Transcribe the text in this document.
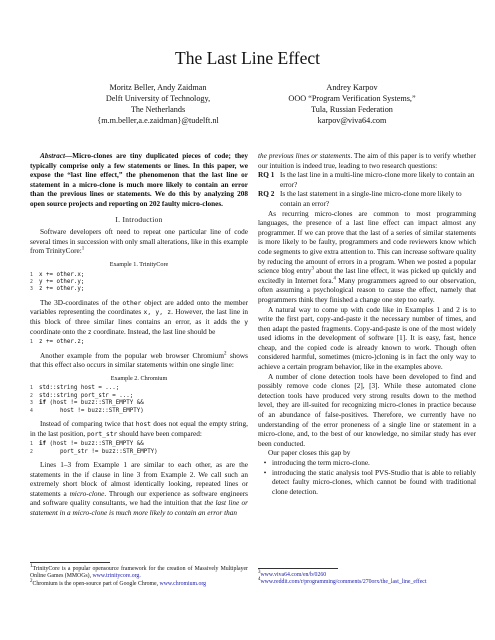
The Last Line Effect
Moritz Beller, Andy Zaidman
Delft University of Technology,
The Netherlands
{m.m.beller,a.e.zaidman}@tudelft.nl
Andrey Karpov
OOO “Program Verification Systems,”
Tula, Russian Federation
karpov@viva64.com

Abstract—Micro-clones are tiny duplicated pieces of code; they typically comprise only a few statements or lines. In this paper, we expose the “last line effect,” the phenomenon that the last line or statement in a micro-clone is much more likely to contain an error than the previous lines or statements. We do this by analyzing 208 open source projects and reporting on 202 faulty micro-clones.

I. Introduction

Software developers oft need to repeat one particular line of code several times in succession with only small alterations, like in this example from TrinityCore:$^1$

Example 1. TrinityCore
1 x += other.x;
2 y += other.y;
3 z += other.y;

The 3D-coordinates of the other object are added onto the member variables representing the coordinates x, y, z. However, the last line in this block of three similar lines contains an error, as it adds the y coordinate onto the z coordinate. Instead, the last line should be

1 z += other.z;

Another example from the popular web browser Chromium$^2$ shows that this effect also occurs in similar statements within one single line:

Example 2. Chromium
1 std::string host = ...;
2 std::string port_str = ...;
3 if (host != buzz::STR_EMPTY &&
4      host != buzz::STR_EMPTY)

Instead of comparing twice that host does not equal the empty string, in the last position, port_str should have been compared:

1 if (host != buzz::STR_EMPTY &&
2      port_str != buzz::STR_EMPTY)

Lines 1–3 from Example 1 are similar to each other, as are the statements in the if clause in line 3 from Example 2. We call such an extremely short block of almost identically looking, repeated lines or statements a micro-clone. Through our experience as software engineers and software quality consultants, we had the intuition that the last line or statement in a micro-clone is much more likely to contain an error than

$^1$TrinityCore is a popular opensource framework for the creation of Massively Multiplayer Online Games (MMOGs), www.trinitycore.org.

$^2$Chromium is the open-source part of Google Chrome, www.chromium.org

the previous lines or statements. The aim of this paper is to verify whether our intuition is indeed true, leading to two research questions:

RQ 1 Is the last line in a multi-line micro-clone more likely to contain an error?
RQ 2 Is the last statement in a single-line micro-clone more likely to contain an error?

As recurring micro-clones are common to most programming languages, the presence of a last line effect can impact almost any programmer. If we can prove that the last of a series of similar statements is more likely to be faulty, programmers and code reviewers know which code segments to give extra attention to. This can increase software quality by reducing the amount of errors in a program. When we posted a popular science blog entry$^3$ about the last line effect, it was picked up quickly and excitedly in Internet fora.$^4$ Many programmers agreed to our observation, often assuming a psychological reason to cause the effect, namely that programmers think they finished a change one step too early.

A natural way to come up with code like in Examples 1 and 2 is to write the first part, copy-and-paste it the necessary number of times, and then adapt the pasted fragments. Copy-and-paste is one of the most widely used idioms in the development of software [1]. It is easy, fast, hence cheap, and the copied code is already known to work. Though often considered harmful, sometimes (micro-)cloning is in fact the only way to achieve a certain program behavior, like in the examples above.

A number of clone detection tools have been developed to find and possibly remove code clones [2], [3]. While these automated clone detection tools have produced very strong results down to the method level, they are ill-suited for recognizing micro-clones in practice because of an abundance of false-positives. Therefore, we currently have no understanding of the error proneness of a single line or statement in a micro-clone, and, to the best of our knowledge, no similar study has ever been conducted.

Our paper closes this gap by

• introducing the term micro-clone.
• introducing the static analysis tool PVS-Studio that is able to reliably detect faulty micro-clones, which cannot be found with traditional clone detection.

$^3$www.viva64.com/en/b/0260

$^4$www.reddit.com/r/programming/comments/270orx/the_last_line_effect
